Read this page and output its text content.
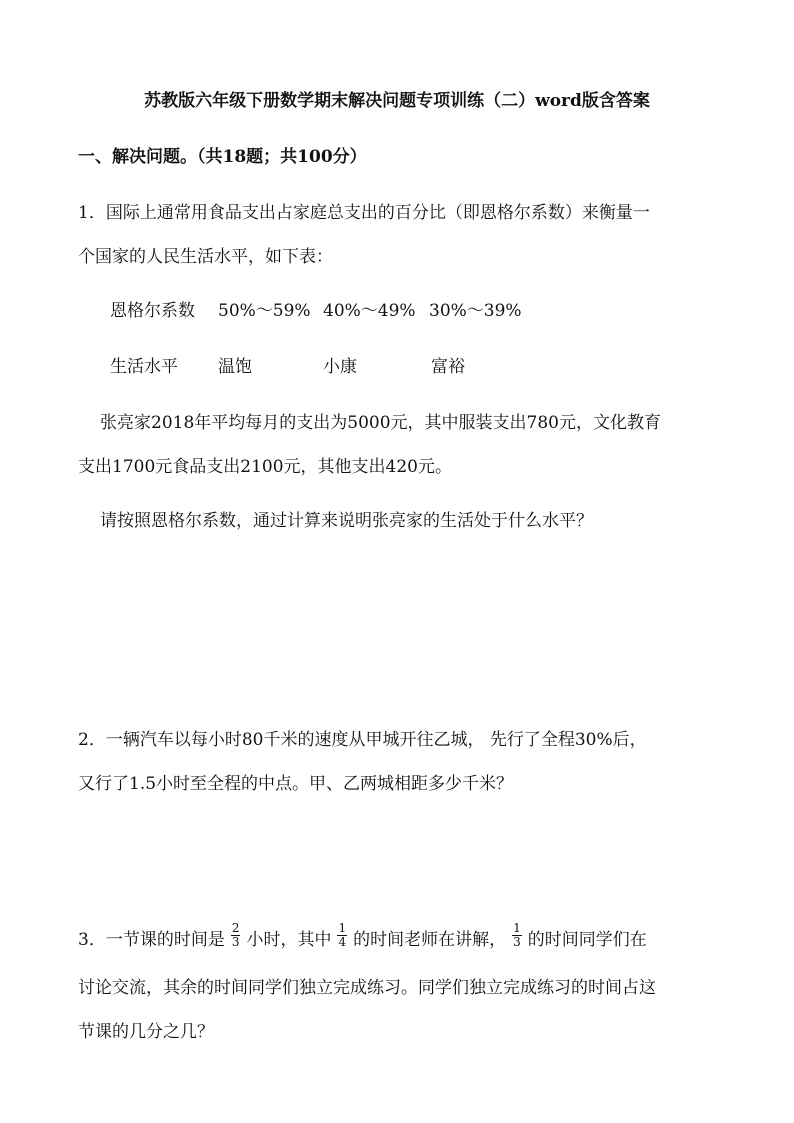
苏教版六年级下册数学期末解决问题专项训练（二）word版含答案
一、解决问题。（共18题；共100分）
1．国际上通常用食品支出占家庭总支出的百分比（即恩格尔系数）来衡量一
个国家的人民生活水平，如下表：
恩格尔系数 50%～59% 40%～49% 30%～39%
生活水平 温饱	小康	富裕
张亮家2018年平均每月的支出为5000元，其中服装支出780元，文化教育
支出1700元食品支出2100元，其他支出420元。
请按照恩格尔系数，通过计算来说明张亮家的生活处于什么水平？
2．一辆汽车以每小时80千米的速度从甲城开往乙城， 先行了全程30%后，
又行了1.5小时至全程的中点。甲、乙两城相距多少千米？
3． 一节课的时间是 $\frac{2}{3}$ 小时，其中 $\frac{1}{4}$ 的时间老师在讲解， $\frac{1}{3}$ 的时间同学们在
讨论交流，其余的时间同学们独立完成练习。同学们独立完成练习的时间占这
节课的几分之几？
